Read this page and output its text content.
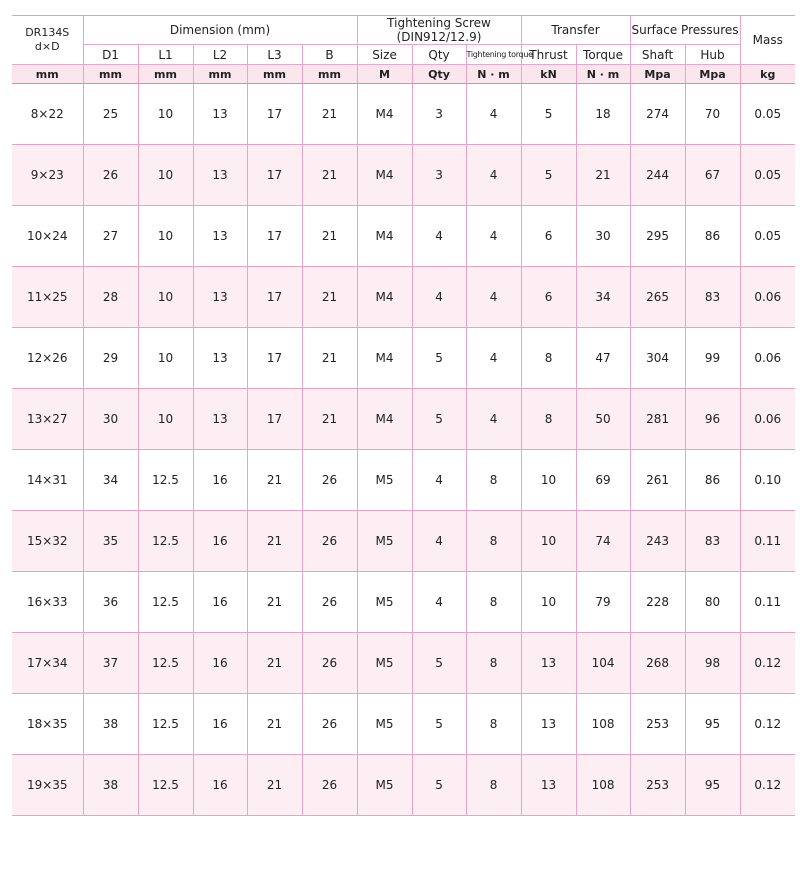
DR134S
d×D	Dimension (mm)					Tightening Screw (DIN912/12.9)			Transfer		Surface Pressures		Mass
	D1	L1	L2	L3	B	Size	Qty	Tightening torque	Thrust	Torque	Shaft	Hub	
mm	mm	mm	mm	mm	mm	M	Qty	N · m	kN	N · m	Mpa	Mpa	kg
8×22	25	10	13	17	21	M4	3	4	5	18	274	70	0.05
9×23	26	10	13	17	21	M4	3	4	5	21	244	67	0.05
10×24	27	10	13	17	21	M4	4	4	6	30	295	86	0.05
11×25	28	10	13	17	21	M4	4	4	6	34	265	83	0.06
12×26	29	10	13	17	21	M4	5	4	8	47	304	99	0.06
13×27	30	10	13	17	21	M4	5	4	8	50	281	96	0.06
14×31	34	12.5	16	21	26	M5	4	8	10	69	261	86	0.10
15×32	35	12.5	16	21	26	M5	4	8	10	74	243	83	0.11
16×33	36	12.5	16	21	26	M5	4	8	10	79	228	80	0.11
17×34	37	12.5	16	21	26	M5	5	8	13	104	268	98	0.12
18×35	38	12.5	16	21	26	M5	5	8	13	108	253	95	0.12
19×35	38	12.5	16	21	26	M5	5	8	13	108	253	95	0.12
